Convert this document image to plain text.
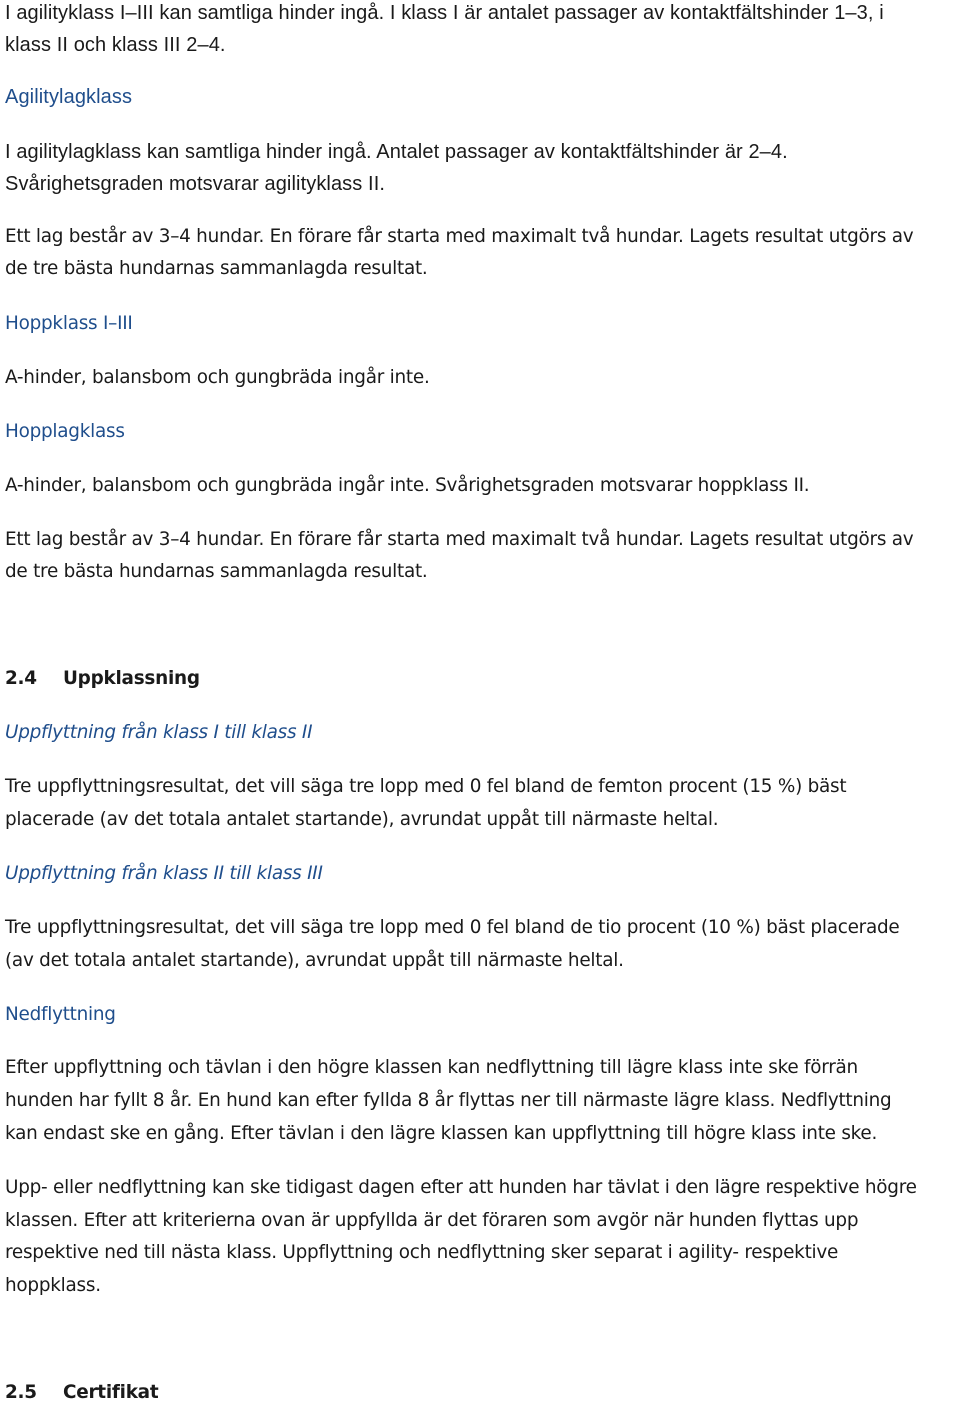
I agilityklass I–III kan samtliga hinder ingå. I klass I är antalet passager av kontaktfältshinder 1–3, i

klass II och klass III 2–4.

Agilitylagklass

I agilitylagklass kan samtliga hinder ingå. Antalet passager av kontaktfältshinder är 2–4.

Svårighetsgraden motsvarar agilityklass II.

Ett lag består av 3–4 hundar. En förare får starta med maximalt två hundar. Lagets resultat utgörs av

de tre bästa hundarnas sammanlagda resultat.

Hoppklass I–III

A-hinder, balansbom och gungbräda ingår inte.

Hopplagklass

A-hinder, balansbom och gungbräda ingår inte. Svårighetsgraden motsvarar hoppklass II.

Ett lag består av 3–4 hundar. En förare får starta med maximalt två hundar. Lagets resultat utgörs av

de tre bästa hundarnas sammanlagda resultat.

2.4 Uppklassning

Uppflyttning från klass I till klass II

Tre uppflyttningsresultat, det vill säga tre lopp med 0 fel bland de femton procent (15 %) bäst

placerade (av det totala antalet startande), avrundat uppåt till närmaste heltal.

Uppflyttning från klass II till klass III

Tre uppflyttningsresultat, det vill säga tre lopp med 0 fel bland de tio procent (10 %) bäst placerade

(av det totala antalet startande), avrundat uppåt till närmaste heltal.

Nedflyttning

Efter uppflyttning och tävlan i den högre klassen kan nedflyttning till lägre klass inte ske förrän

hunden har fyllt 8 år. En hund kan efter fyllda 8 år flyttas ner till närmaste lägre klass. Nedflyttning

kan endast ske en gång. Efter tävlan i den lägre klassen kan uppflyttning till högre klass inte ske.

Upp- eller nedflyttning kan ske tidigast dagen efter att hunden har tävlat i den lägre respektive högre

klassen. Efter att kriterierna ovan är uppfyllda är det föraren som avgör när hunden flyttas upp

respektive ned till nästa klass. Uppflyttning och nedflyttning sker separat i agility- respektive

hoppklass.

2.5 Certifikat
